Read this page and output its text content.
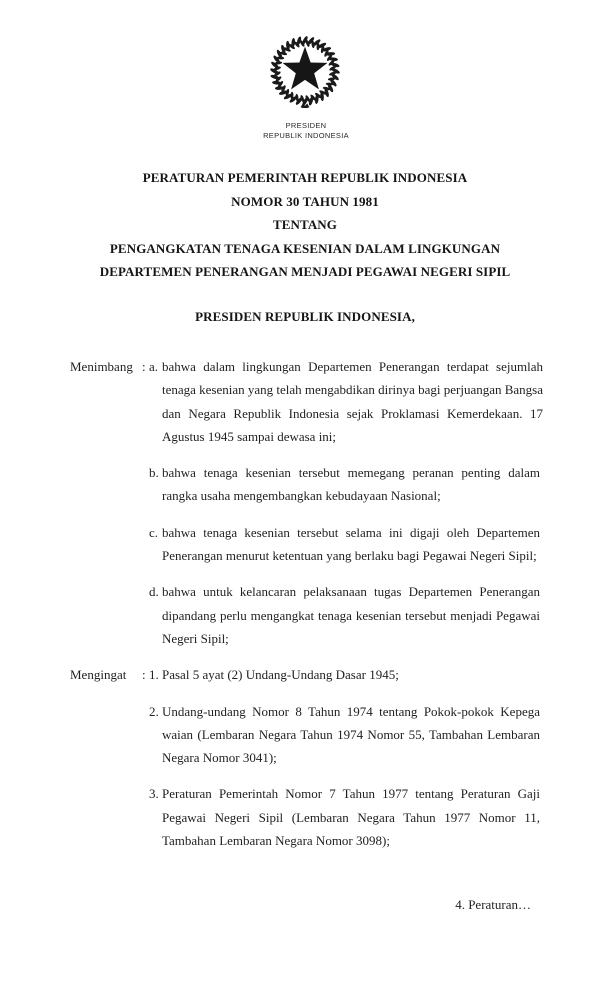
PRESIDEN
REPUBLIK INDONESIA
PERATURAN PEMERINTAH REPUBLIK INDONESIA
NOMOR 30 TAHUN 1981
TENTANG
PENGANGKATAN TENAGA KESENIAN DALAM LINGKUNGAN
DEPARTEMEN PENERANGAN MENJADI PEGAWAI NEGERI SIPIL
PRESIDEN REPUBLIK INDONESIA,
Menimbang : a. bahwa dalam lingkungan Departemen Penerangan terdapat sejumlah
tenaga kesenian yang telah mengabdikan dirinya bagi perjuangan Bangsa
dan Negara Republik Indonesia sejak Proklamasi Kemerdekaan. 17
Agustus 1945 sampai dewasa ini;
b. bahwa tenaga kesenian tersebut memegang peranan penting dalam
rangka usaha mengembangkan kebudayaan Nasional;
c. bahwa tenaga kesenian tersebut selama ini digaji oleh Departemen
Penerangan menurut ketentuan yang berlaku bagi Pegawai Negeri Sipil;
d. bahwa untuk kelancaran pelaksanaan tugas Departemen Penerangan
dipandang perlu mengangkat tenaga kesenian tersebut menjadi Pegawai
Negeri Sipil;
Mengingat	: 1. Pasal 5 ayat (2) Undang-Undang Dasar 1945;
2. Undang-undang Nomor 8 Tahun 1974 tentang Pokok-pokok Kepega
waian (Lembaran Negara Tahun 1974 Nomor 55, Tambahan Lembaran
Negara Nomor 3041);
3. Peraturan Pemerintah Nomor 7 Tahun 1977 tentang Peraturan Gaji
Pegawai Negeri Sipil (Lembaran Negara Tahun 1977 Nomor 11,
Tambahan Lembaran Negara Nomor 3098);
4. Peraturan…
